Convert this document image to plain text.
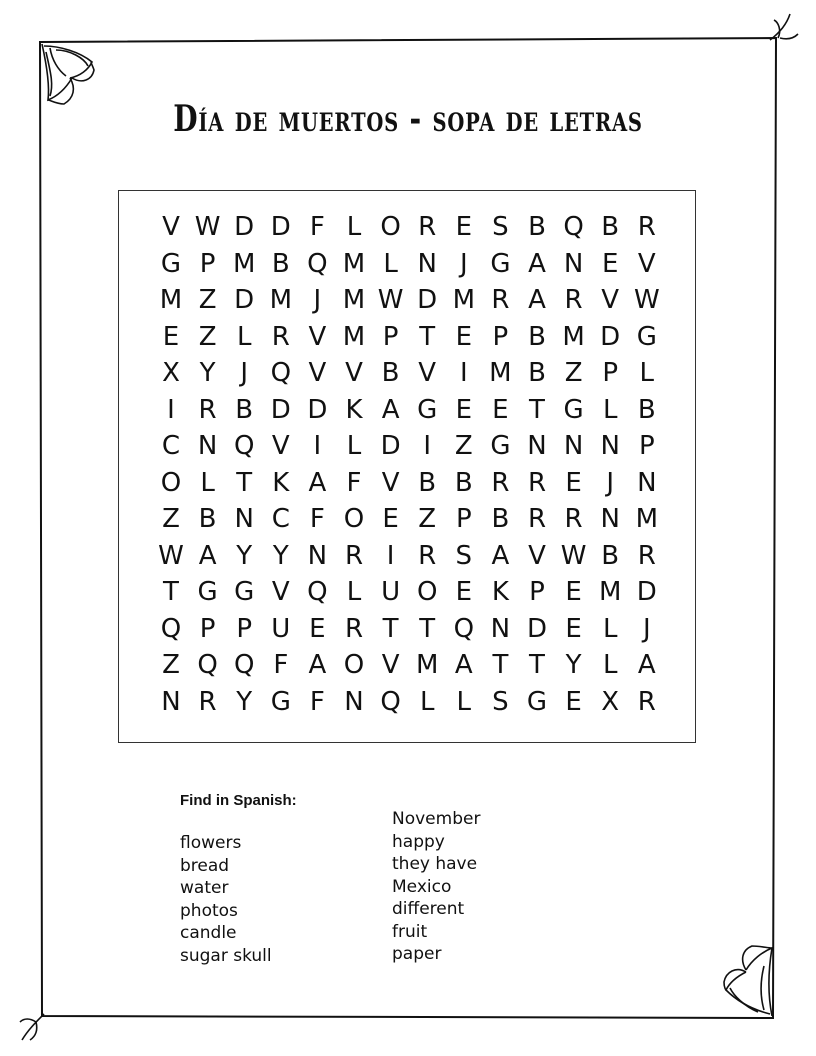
Día de muertos - sopa de letras
V W D D F L O R E S B Q B R
G P M B Q M L N J G A N E V
M Z D M J M W D M R A R V W
E Z L R V M P T E P B M D G
X Y J Q V V B V I M B Z P L
I R B D D K A G E E T G L B
C N Q V I L D I Z G N N N P
O L T K A F V B B R R E J N
Z B N C F O E Z P B R R N M
W A Y Y N R I R S A V W B R
T G G V Q L U O E K P E M D
Q P P U E R T T Q N D E L J
Z Q Q F A O V M A T T Y L A
N R Y G F N Q L L S G E X R
Find in Spanish:
flowers
bread
water
photos
candle
sugar skull
November
happy
they have
Mexico
different
fruit
paper
